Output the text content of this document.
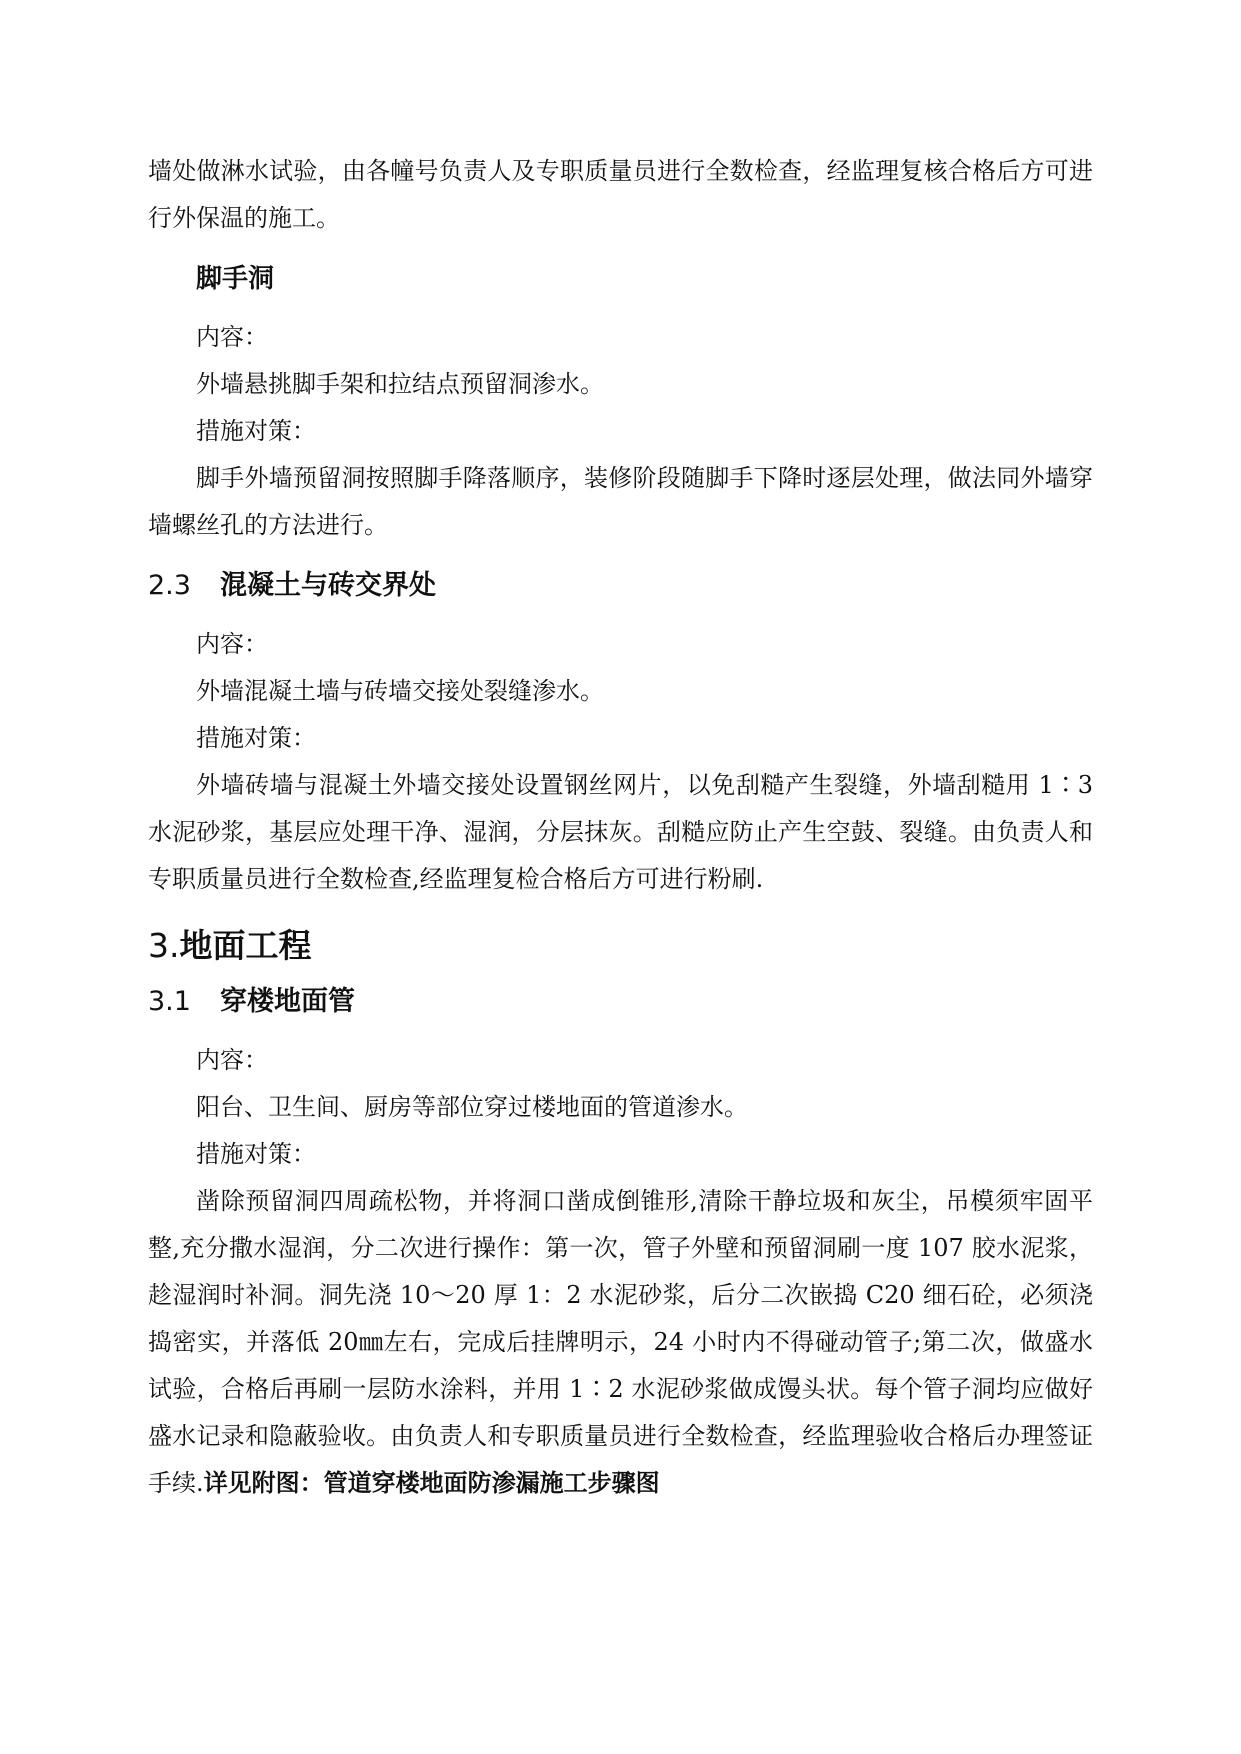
墙处做淋水试验，由各幢号负责人及专职质量员进行全数检查，经监理复核合格后方可进行外保温的施工。

脚手洞

内容：

外墙悬挑脚手架和拉结点预留洞渗水。

措施对策：

脚手外墙预留洞按照脚手降落顺序，装修阶段随脚手下降时逐层处理，做法同外墙穿墙螺丝孔的方法进行。

2.3 混凝土与砖交界处

内容：

外墙混凝土墙与砖墙交接处裂缝渗水。

措施对策：

外墙砖墙与混凝土外墙交接处设置钢丝网片，以免刮糙产生裂缝，外墙刮糙用 1∶3 水泥砂浆，基层应处理干净、湿润，分层抹灰。刮糙应防止产生空鼓、裂缝。由负责人和专职质量员进行全数检查,经监理复检合格后方可进行粉刷.

3.地面工程
3.1 穿楼地面管

内容：

阳台、卫生间、厨房等部位穿过楼地面的管道渗水。

措施对策：

凿除预留洞四周疏松物，并将洞口凿成倒锥形,清除干静垃圾和灰尘，吊模须牢固平整,充分撒水湿润，分二次进行操作：第一次，管子外壁和预留洞刷一度 107 胶水泥浆，趁湿润时补洞。洞先浇 10～20 厚 1：2 水泥砂浆，后分二次嵌捣 C20 细石砼，必须浇捣密实，并落低 20㎜左右，完成后挂牌明示，24 小时内不得碰动管子;第二次，做盛水试验，合格后再刷一层防水涂料，并用 1∶2 水泥砂浆做成馒头状。每个管子洞均应做好盛水记录和隐蔽验收。由负责人和专职质量员进行全数检查，经监理验收合格后办理签证手续.详见附图：管道穿楼地面防渗漏施工步骤图
